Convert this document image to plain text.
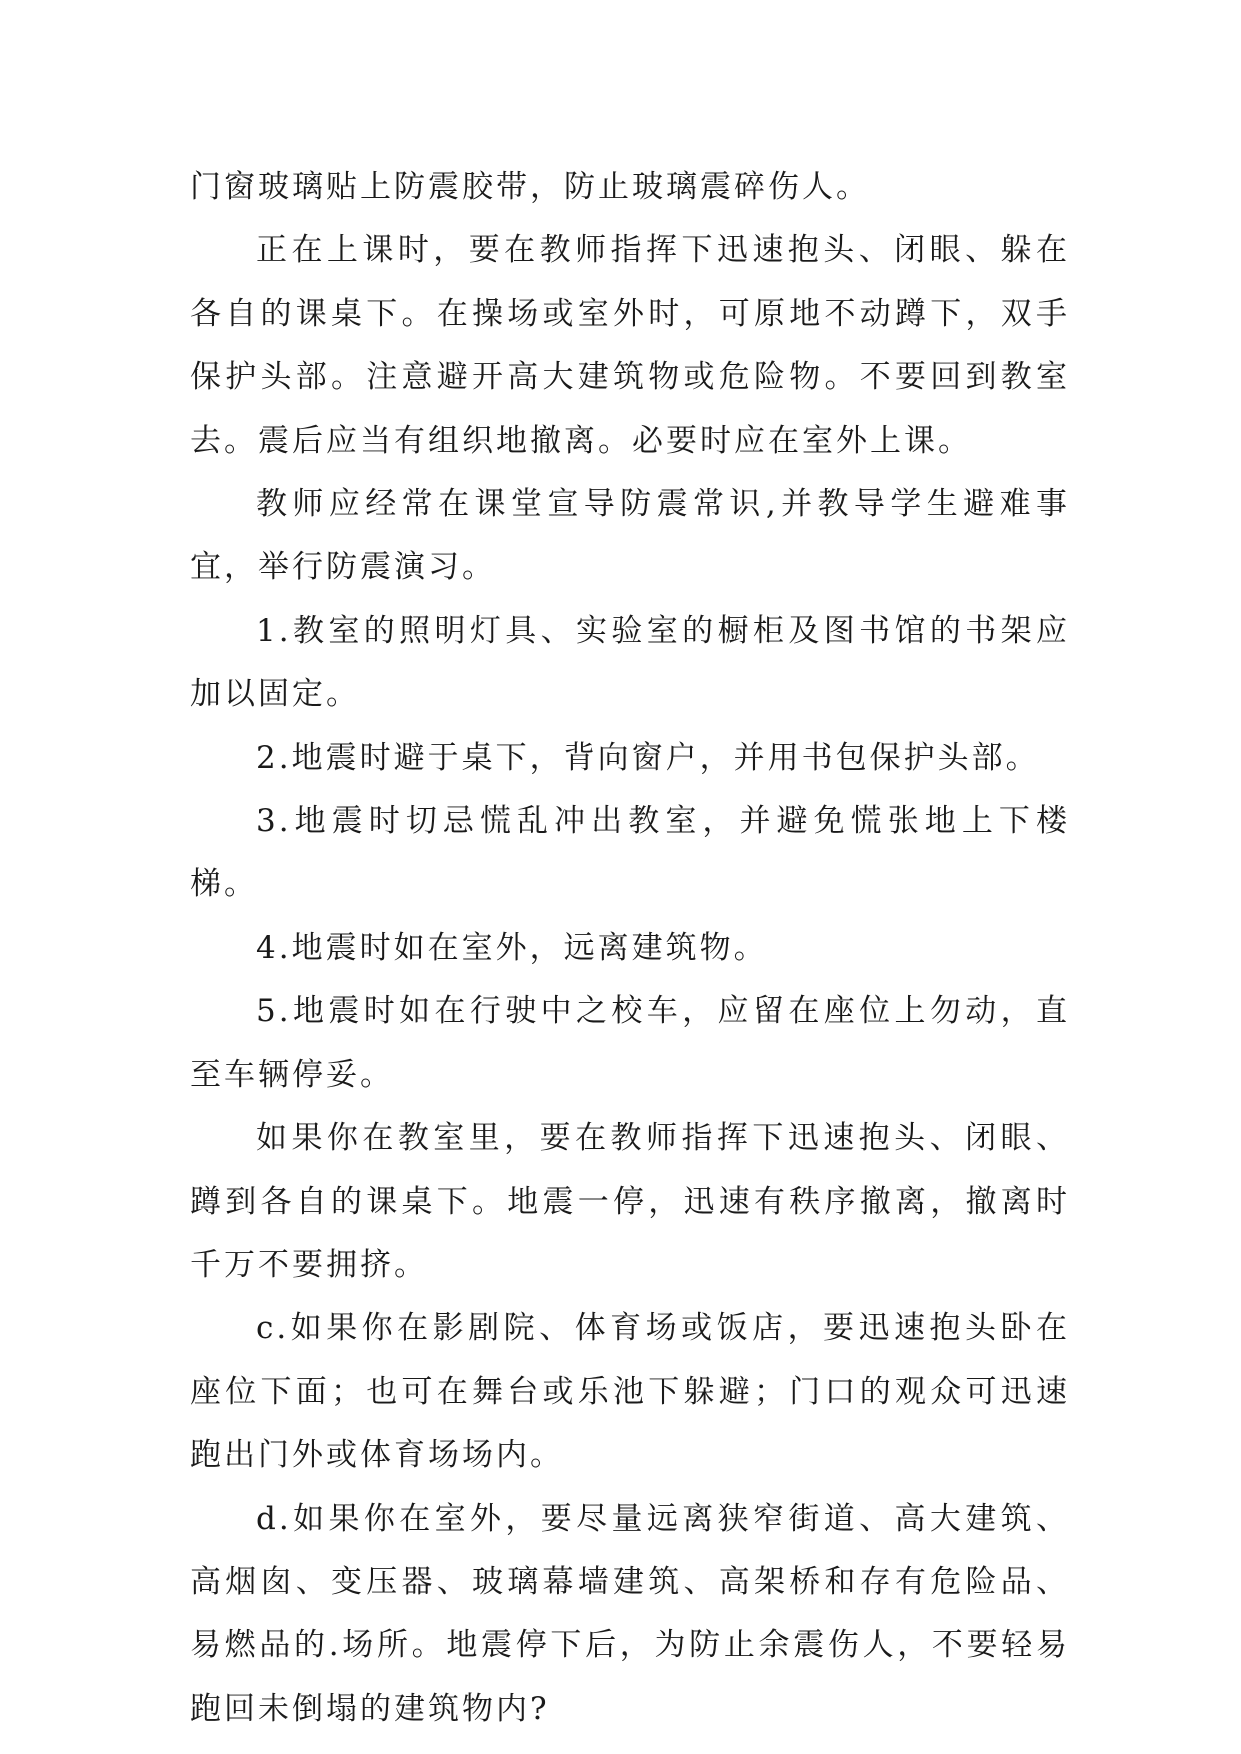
门窗玻璃贴上防震胶带，防止玻璃震碎伤人。

正在上课时，要在教师指挥下迅速抱头、闭眼、躲在各自的课桌下。在操场或室外时，可原地不动蹲下，双手保护头部。注意避开高大建筑物或危险物。不要回到教室去。震后应当有组织地撤离。必要时应在室外上课。

教师应经常在课堂宣导防震常识,并教导学生避难事宜，举行防震演习。

1.教室的照明灯具、实验室的橱柜及图书馆的书架应加以固定。

2.地震时避于桌下，背向窗户，并用书包保护头部。

3.地震时切忌慌乱冲出教室，并避免慌张地上下楼梯。

4.地震时如在室外，远离建筑物。

5.地震时如在行驶中之校车，应留在座位上勿动，直至车辆停妥。

如果你在教室里，要在教师指挥下迅速抱头、闭眼、蹲到各自的课桌下。地震一停，迅速有秩序撤离，撤离时千万不要拥挤。

c.如果你在影剧院、体育场或饭店，要迅速抱头卧在座位下面；也可在舞台或乐池下躲避；门口的观众可迅速跑出门外或体育场场内。

d.如果你在室外，要尽量远离狭窄街道、高大建筑、高烟囱、变压器、玻璃幕墙建筑、高架桥和存有危险品、易燃品的.场所。地震停下后，为防止余震伤人，不要轻易跑回未倒塌的建筑物内?
